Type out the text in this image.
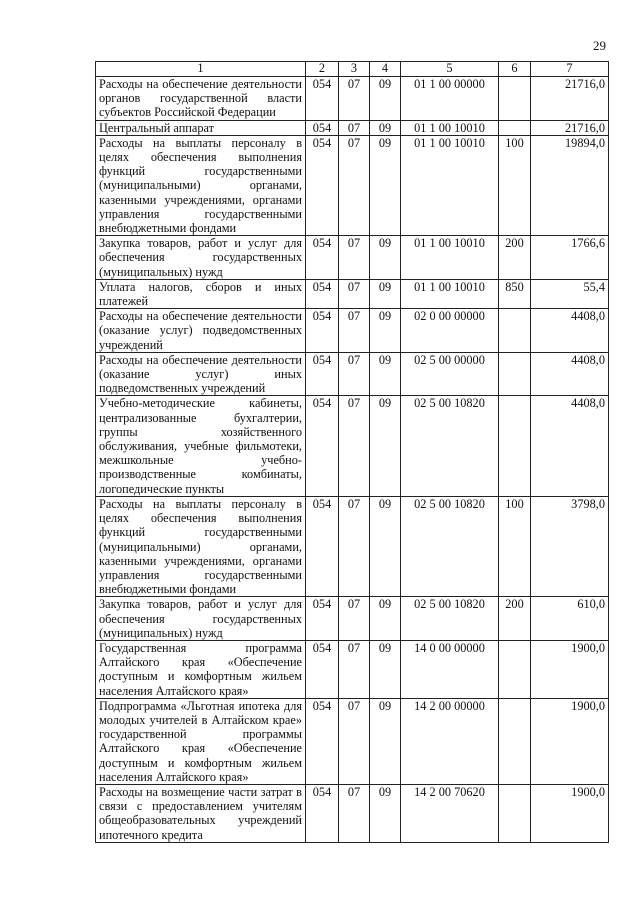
29
1	2	3	4	5	6	7
Расходы на обеспечение деятельности органов государственной власти субъектов Российской Федерации	054	07	09	01 1 00 00000		21716,0
Центральный аппарат	054	07	09	01 1 00 10010		21716,0
Расходы на выплаты персоналу в целях обеспечения выполнения функций государственными (муниципальными) органами, казенными учреждениями, органами управления государственными внебюджетными фондами	054	07	09	01 1 00 10010	100	19894,0
Закупка товаров, работ и услуг для обеспечения государственных (муниципальных) нужд	054	07	09	01 1 00 10010	200	1766,6
Уплата налогов, сборов и иных платежей	054	07	09	01 1 00 10010	850	55,4
Расходы на обеспечение деятельности (оказание услуг) подведомственных учреждений	054	07	09	02 0 00 00000		4408,0
Расходы на обеспечение деятельности (оказание услуг) иных подведомственных учреждений	054	07	09	02 5 00 00000		4408,0
Учебно-методические кабинеты, централизованные бухгалтерии, группы хозяйственного обслуживания, учебные фильмотеки, межшкольные учебно-производственные комбинаты, логопедические пункты	054	07	09	02 5 00 10820		4408,0
Расходы на выплаты персоналу в целях обеспечения выполнения функций государственными (муниципальными) органами, казенными учреждениями, органами управления государственными внебюджетными фондами	054	07	09	02 5 00 10820	100	3798,0
Закупка товаров, работ и услуг для обеспечения государственных (муниципальных) нужд	054	07	09	02 5 00 10820	200	610,0
Государственная программа Алтайского края «Обеспечение доступным и комфортным жильем населения Алтайского края»	054	07	09	14 0 00 00000		1900,0
Подпрограмма «Льготная ипотека для молодых учителей в Алтайском крае» государственной программы Алтайского края «Обеспечение доступным и комфортным жильем населения Алтайского края»	054	07	09	14 2 00 00000		1900,0
Расходы на возмещение части затрат в связи с предоставлением учителям общеобразовательных учреждений ипотечного кредита	054	07	09	14 2 00 70620		1900,0
